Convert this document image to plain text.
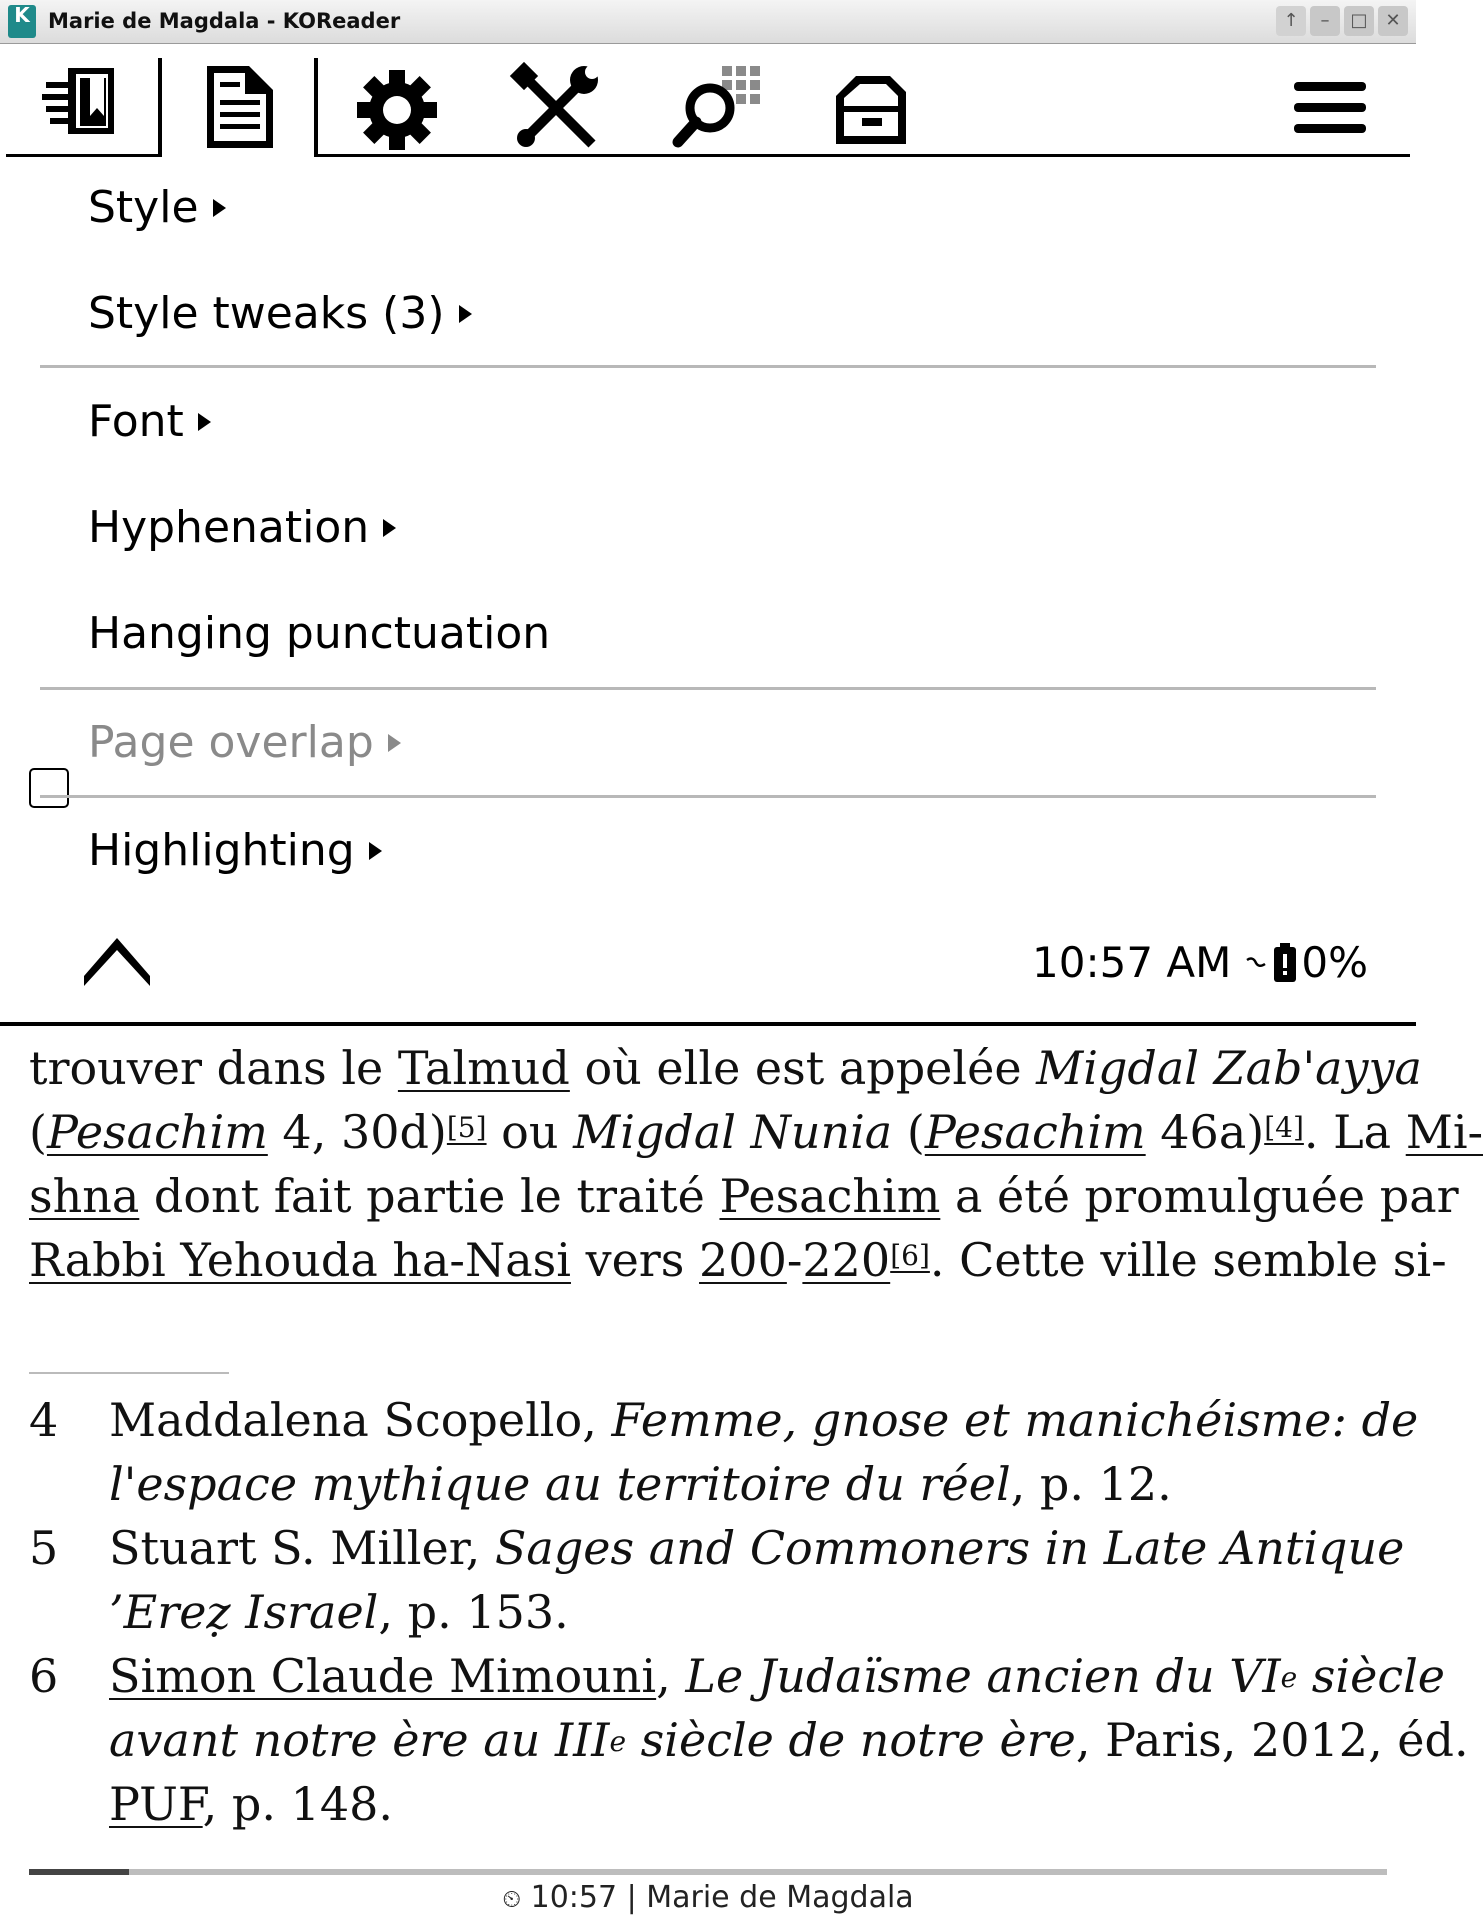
K Marie de Magdala - KOReader	↑	–	□ ✕
Style
Style tweaks (3)
Font
Hyphenation
Hanging punctuation
Page overlap
Highlighting
10:57 AM 0%
trouver dans le Talmud où elle est appelée Migdal Zab'ayya
(Pesachim 4, 30d)[5] ou Migdal Nunia (Pesachim 46a)[4]. La Mi-
shna dont fait partie le traité Pesachim a été promulguée par
Rabbi Yehouda ha-Nasi vers 200-220[6]. Cette ville semble si-
4 Maddalena Scopello, Femme, gnose et manichéisme: de
l'espace mythique au territoire du réel, p. 12.
5 Stuart S. Miller, Sages and Commoners in Late Antique
’Ereẓ Israel, p. 153.
6 Simon Claude Mimouni, Le Judaïsme ancien du VIe siècle
avant notre ère au IIIe siècle de notre ère, Paris, 2012, éd.
PUF, p. 148.
⏲ 10:57 | Marie de Magdala
